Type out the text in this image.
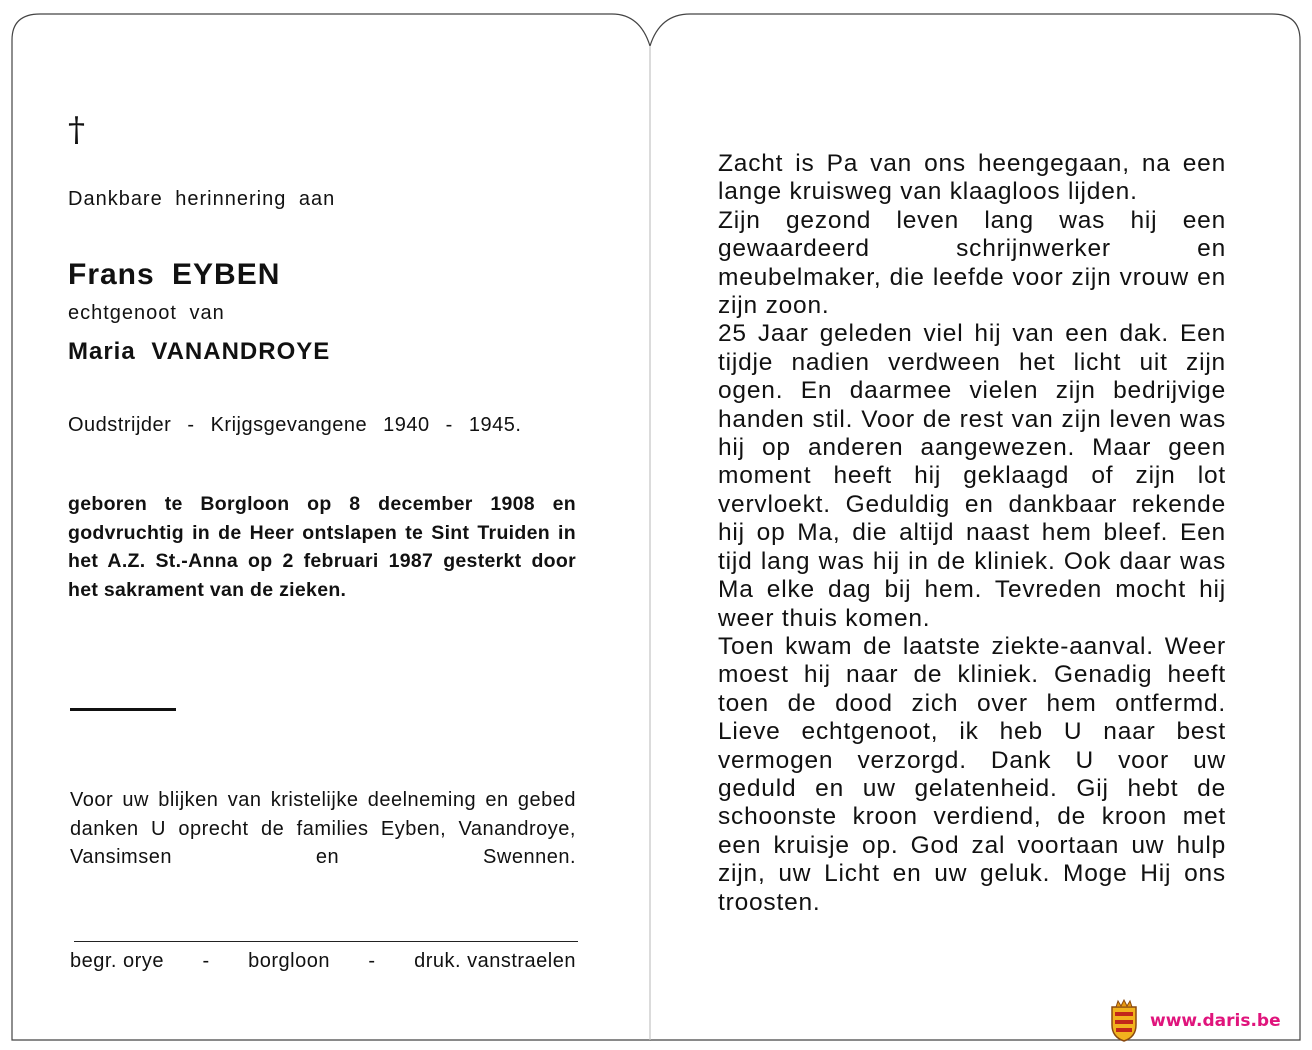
†
Dankbare herinnering aan
Frans EYBEN
echtgenoot van
Maria VANANDROYE
Oudstrijder - Krijgsgevangene 1940 - 1945.
geboren te Borgloon op 8 december 1908 en godvruchtig in de Heer ontslapen te Sint Truiden in het A.Z. St.-Anna op 2 februari 1987 gesterkt door het sakrament van de zieken.
Voor uw blijken van kristelijke deelneming en gebed danken U oprecht de families Eyben, Vanandroye, Vansimsen en Swennen.
begr. orye - borgloon - druk. vanstraelen

Zacht is Pa van ons heengegaan, na een lange kruisweg van klaagloos lijden.

Zijn gezond leven lang was hij een gewaardeerd schrijnwerker en meubelmaker, die leefde voor zijn vrouw en zijn zoon.

25 Jaar geleden viel hij van een dak. Een tijdje nadien verdween het licht uit zijn ogen. En daarmee vielen zijn bedrijvige handen stil. Voor de rest van zijn leven was hij op anderen aangewezen. Maar geen moment heeft hij geklaagd of zijn lot vervloekt. Geduldig en dankbaar rekende hij op Ma, die altijd naast hem bleef. Een tijd lang was hij in de kliniek. Ook daar was Ma elke dag bij hem. Tevreden mocht hij weer thuis komen.

Toen kwam de laatste ziekte-aanval. Weer moest hij naar de kliniek. Genadig heeft toen de dood zich over hem ontfermd. Lieve echtgenoot, ik heb U naar best vermogen verzorgd. Dank U voor uw geduld en uw gelatenheid. Gij hebt de schoonste kroon verdiend, de kroon met een kruisje op. God zal voortaan uw hulp zijn, uw Licht en uw geluk. Moge Hij ons troosten.

www.daris.be
